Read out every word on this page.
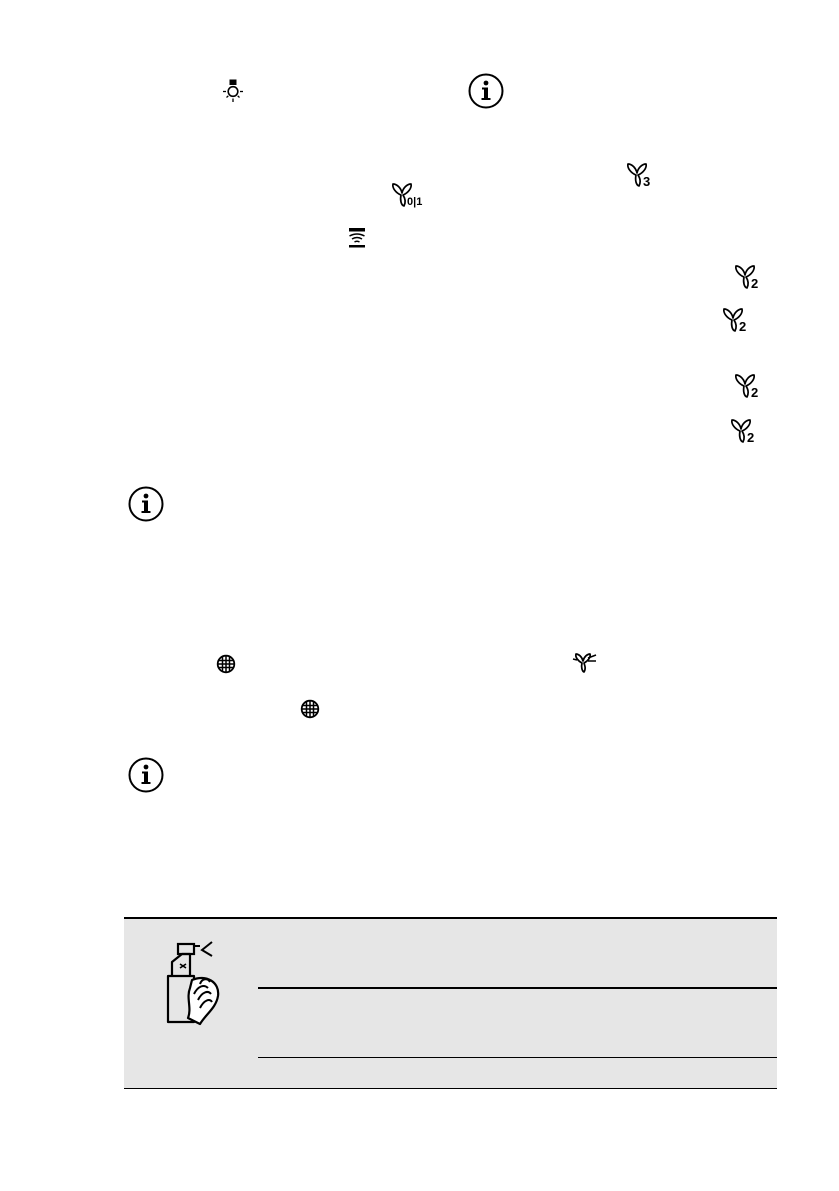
3
0|1
2
2
2
2
